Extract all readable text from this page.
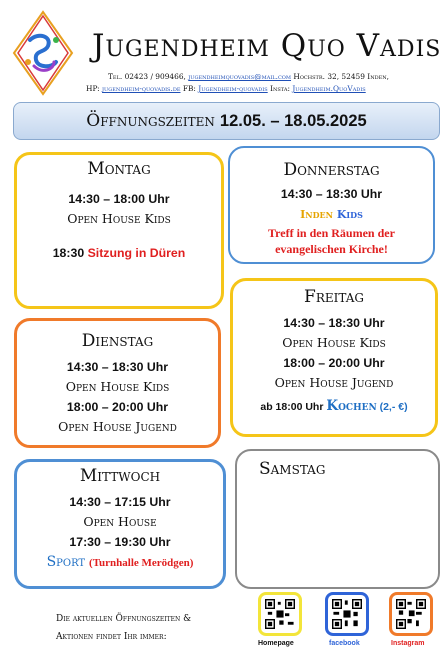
Jugendheim Quo Vadis
Tel. 02423 / 909466, jugendheimquovadis@mail.com Hochstr. 32, 52459 Inden,
HP: jugendheim-quovadis.de FB: Jugendheim-quovadis Insta: Jugendheim.QuoVadis
Öffnungszeiten 12.05. – 18.05.2025
Montag
14:30 – 18:00 Uhr
Open House Kids
18:30 Sitzung in Düren
Donnerstag
14:30 – 18:30 Uhr
Inden Kids
Treff in den Räumen der
evangelischen Kirche!
Dienstag
14:30 – 18:30 Uhr
Open House Kids
18:00 – 20:00 Uhr
Open House Jugend
Freitag
14:30 – 18:30 Uhr
Open House Kids
18:00 – 20:00 Uhr
Open House Jugend
ab 18:00 Uhr Kochen (2,- €)
Mittwoch
14:30 – 17:15 Uhr
Open House
17:30 – 19:30 Uhr
Sport (Turnhalle Merödgen)
Samstag
Die aktuellen Öffnungszeiten &
Aktionen findet Ihr immer:
Homepage	facebook	Instagram
